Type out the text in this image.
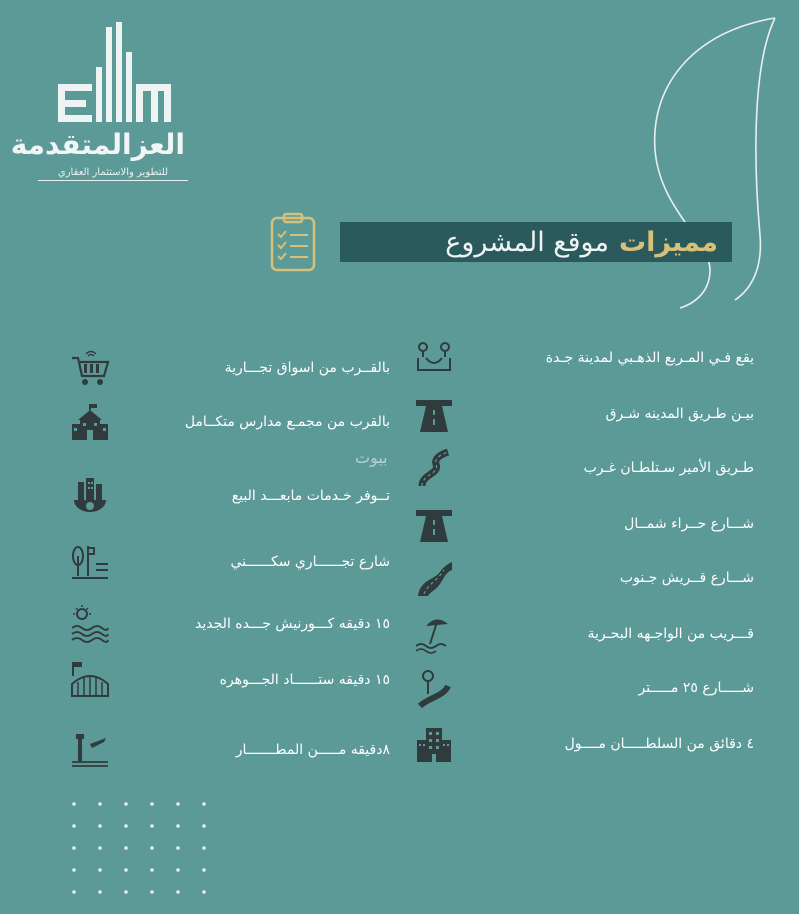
العزالمتقدمة
للتطوير والاستثمار العقاري
مميزات
موقع المشروع
يقع فـي المـربع الذهـبي لمدينة جـدة
بيـن طـريق المدينه شـرق
طـريق الأمير سـتلطـان غـرب
شـــارع حــراء شمــال
شـــارع قــريش جـنوب
قـــريب من الواجـهه البحـرية
شـــــارع ٢٥ مـــــتر
٤ دقائق من السلطـــــان مــــول
بالقــرب من اسواق تجـــارية
بالقرب من مجمـع مدارس متكــامل
تــوفر خـدمات مابعـــد البيع
شارع تجــــــاري سكــــــني
١٥ دقيقه كـــورنيش جـــده الجديد
١٥ دقيقه ستــــــاد الجـــوهره
٨دقيقه مـــــن المطـــــــار
بيوت
